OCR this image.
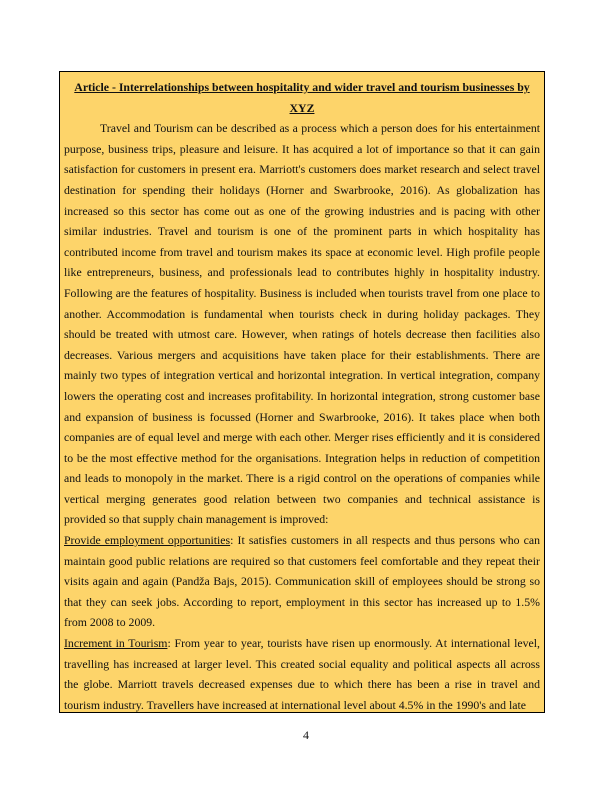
Article - Interrelationships between hospitality and wider travel and tourism businesses by XYZ

Travel and Tourism can be described as a process which a person does for his entertainment purpose, business trips, pleasure and leisure. It has acquired a lot of importance so that it can gain satisfaction for customers in present era. Marriott's customers does market research and select travel destination for spending their holidays (Horner and Swarbrooke, 2016). As globalization has increased so this sector has come out as one of the growing industries and is pacing with other similar industries. Travel and tourism is one of the prominent parts in which hospitality has contributed income from travel and tourism makes its space at economic level. High profile people like entrepreneurs, business, and professionals lead to contributes highly in hospitality industry. Following are the features of hospitality. Business is included when tourists travel from one place to another. Accommodation is fundamental when tourists check in during holiday packages. They should be treated with utmost care. However, when ratings of hotels decrease then facilities also decreases. Various mergers and acquisitions have taken place for their establishments. There are mainly two types of integration vertical and horizontal integration. In vertical integration, company lowers the operating cost and increases profitability. In horizontal integration, strong customer base and expansion of business is focussed (Horner and Swarbrooke, 2016). It takes place when both companies are of equal level and merge with each other. Merger rises efficiently and it is considered to be the most effective method for the organisations. Integration helps in reduction of competition and leads to monopoly in the market. There is a rigid control on the operations of companies while vertical merging generates good relation between two companies and technical assistance is provided so that supply chain management is improved:

Provide employment opportunities: It satisfies customers in all respects and thus persons who can maintain good public relations are required so that customers feel comfortable and they repeat their visits again and again (Pandža Bajs, 2015). Communication skill of employees should be strong so that they can seek jobs. According to report, employment in this sector has increased up to 1.5% from 2008 to 2009.

Increment in Tourism: From year to year, tourists have risen up enormously. At international level, travelling has increased at larger level. This created social equality and political aspects all across the globe. Marriott travels decreased expenses due to which there has been a rise in travel and tourism industry. Travellers have increased at international level about 4.5% in the 1990's and late

4
